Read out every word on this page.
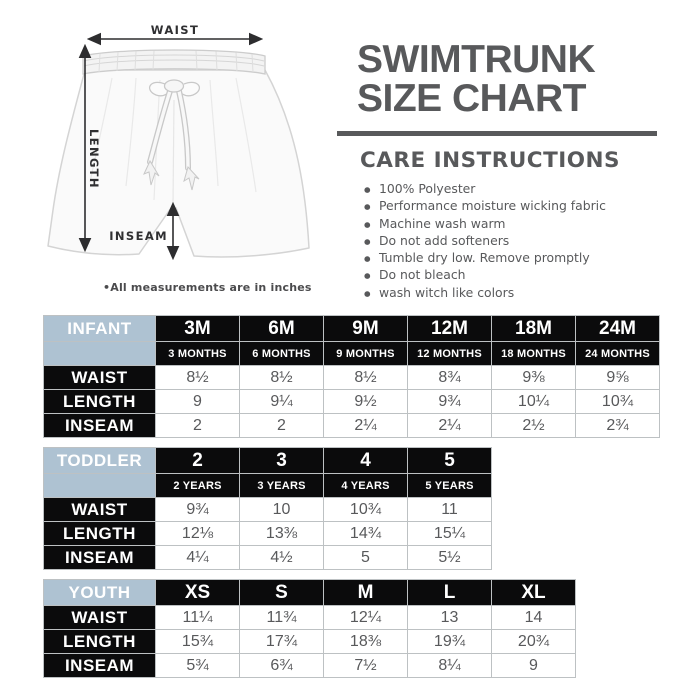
WAIST
LENGTH
INSEAM
•All measurements are in inches
SWIMTRUNK
SIZE CHART
CARE INSTRUCTIONS
● 100% Polyester
● Performance moisture wicking fabric
● Machine wash warm
● Do not add softeners
● Tumble dry low. Remove promptly
● Do not bleach
● wash witch like colors
INFANT	3M	6M	9M	12M	18M	24M
	3 MONTHS	6 MONTHS	9 MONTHS	12 MONTHS	18 MONTHS	24 MONTHS
WAIST	8½	8½	8½	8¾	9⅜	9⅝
LENGTH	9	9¼	9½	9¾	10¼	10¾
INSEAM	2	2	2¼	2¼	2½	2¾
TODDLER	2	3	4	5
	2 YEARS	3 YEARS	4 YEARS	5 YEARS
WAIST	9¾	10	10¾	11
LENGTH	12⅛	13⅜	14¾	15¼
INSEAM	4¼	4½	5	5½
YOUTH	XS	S	M	L	XL
WAIST	11¼	11¾	12¼	13	14
LENGTH	15¾	17¾	18⅜	19¾	20¾
INSEAM	5¾	6¾	7½	8¼	9
